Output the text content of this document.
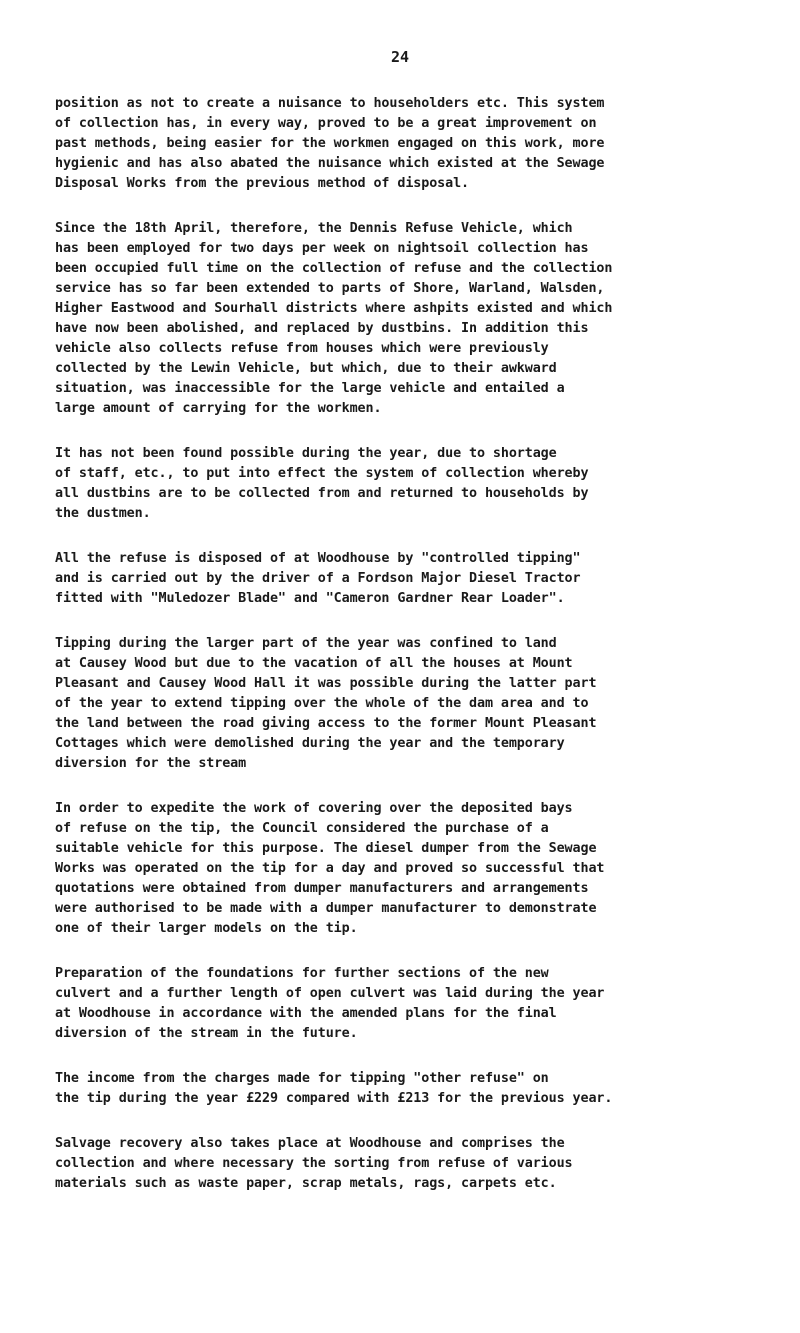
24

position as not to create a nuisance to householders etc. This system
of collection has, in every way, proved to be a great improvement on
past methods, being easier for the workmen engaged on this work, more
hygienic and has also abated the nuisance which existed at the Sewage
Disposal Works from the previous method of disposal.

Since the 18th April, therefore, the Dennis Refuse Vehicle, which
has been employed for two days per week on nightsoil collection has
been occupied full time on the collection of refuse and the collection
service has so far been extended to parts of Shore, Warland, Walsden,
Higher Eastwood and Sourhall districts where ashpits existed and which
have now been abolished, and replaced by dustbins. In addition this
vehicle also collects refuse from houses which were previously
collected by the Lewin Vehicle, but which, due to their awkward
situation, was inaccessible for the large vehicle and entailed a
large amount of carrying for the workmen.

It has not been found possible during the year, due to shortage
of staff, etc., to put into effect the system of collection whereby
all dustbins are to be collected from and returned to households by
the dustmen.

All the refuse is disposed of at Woodhouse by "controlled tipping"
and is carried out by the driver of a Fordson Major Diesel Tractor
fitted with "Muledozer Blade" and "Cameron Gardner Rear Loader".

Tipping during the larger part of the year was confined to land
at Causey Wood but due to the vacation of all the houses at Mount
Pleasant and Causey Wood Hall it was possible during the latter part
of the year to extend tipping over the whole of the dam area and to
the land between the road giving access to the former Mount Pleasant
Cottages which were demolished during the year and the temporary
diversion for the stream

In order to expedite the work of covering over the deposited bays
of refuse on the tip, the Council considered the purchase of a
suitable vehicle for this purpose. The diesel dumper from the Sewage
Works was operated on the tip for a day and proved so successful that
quotations were obtained from dumper manufacturers and arrangements
were authorised to be made with a dumper manufacturer to demonstrate
one of their larger models on the tip.

Preparation of the foundations for further sections of the new
culvert and a further length of open culvert was laid during the year
at Woodhouse in accordance with the amended plans for the final
diversion of the stream in the future.

The income from the charges made for tipping "other refuse" on
the tip during the year £229 compared with £213 for the previous year.

Salvage recovery also takes place at Woodhouse and comprises the
collection and where necessary the sorting from refuse of various
materials such as waste paper, scrap metals, rags, carpets etc.
